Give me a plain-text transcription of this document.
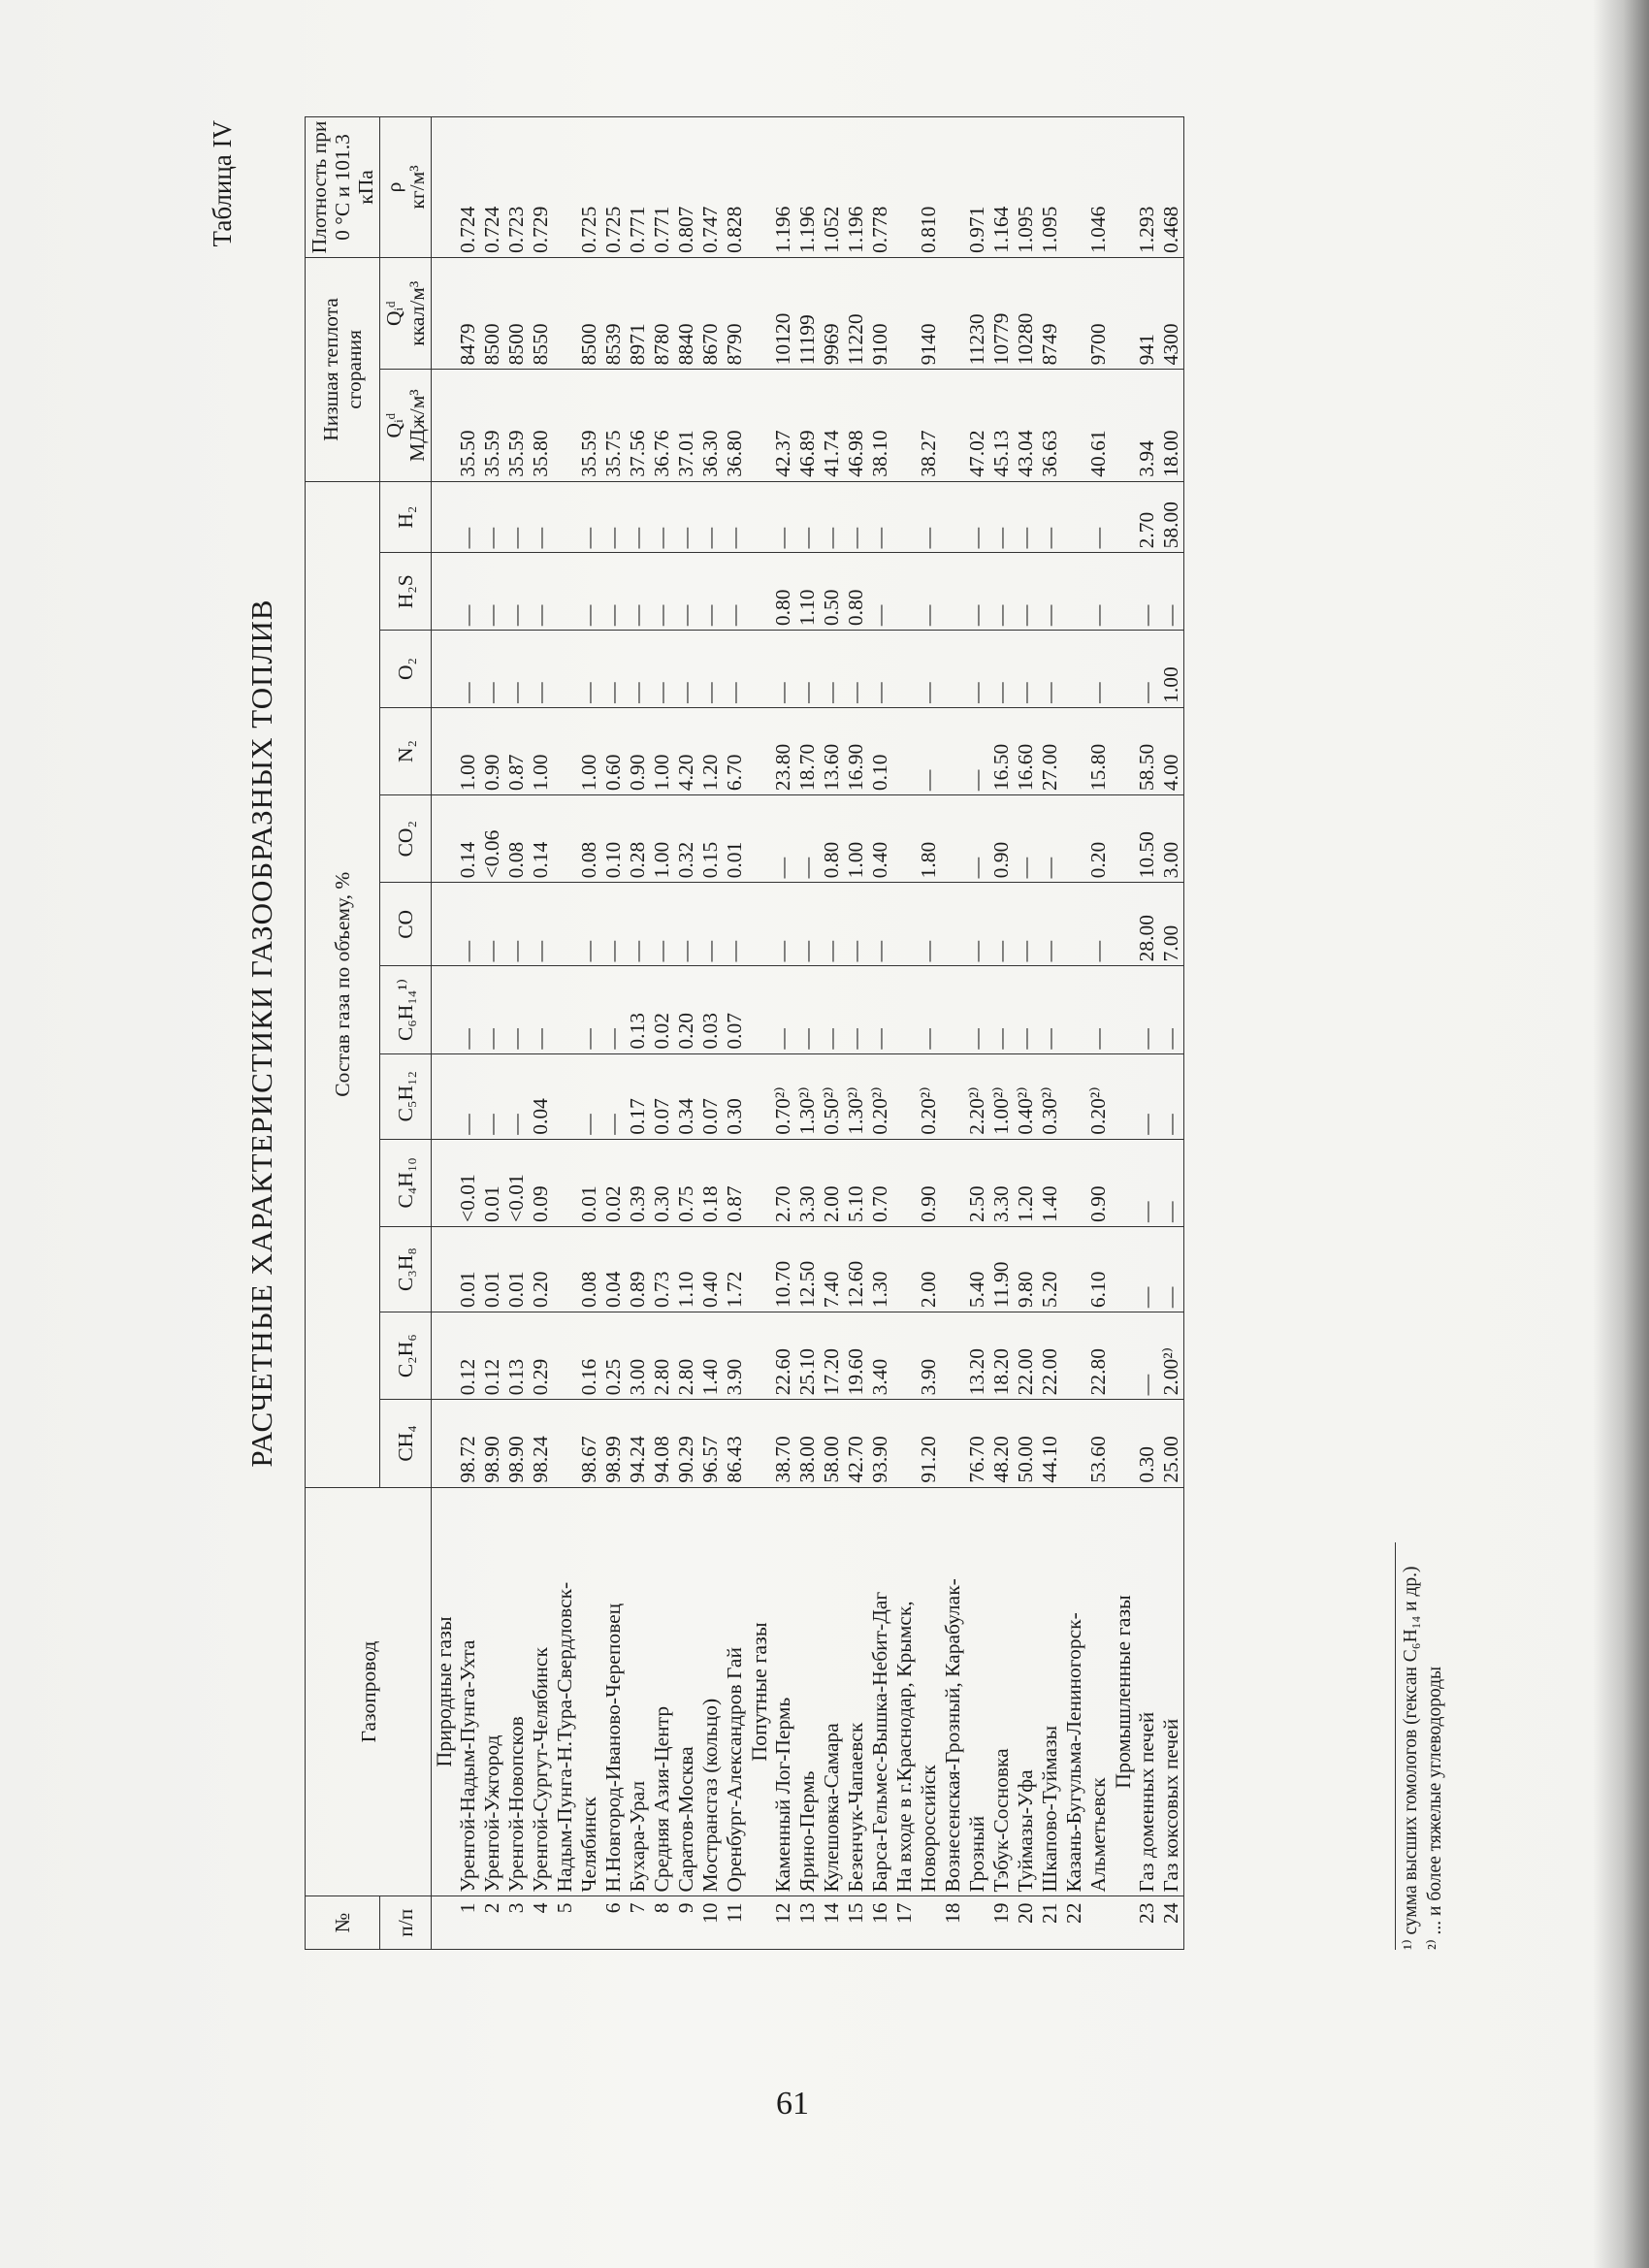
Таблица IV
РАСЧЕТНЫЕ ХАРАКТЕРИСТИКИ ГАЗООБРАЗНЫХ ТОПЛИВ
№	Газопровод	Состав газа по объему, %												Низшая теплота сгорания		Плотность при
0 °С и 101.3 кПа
п/п		CH₄	C₂H₆	C₃H₈	C₄H₁₀	C₅H₁₂	C₆H₁₄¹⁾	CO	CO₂	N₂	O₂	H₂S	H₂	Qᵢᵈ
МДж/м³	Qᵢᵈ
ккал/м³	ρ
кг/м³
	Природные газы															
1	Уренгой-Надым-Пунга-Ухта	98.72	0.12	0.01	<0.01	—	—	—	0.14	1.00	—	—	—	35.50	8479	0.724
2	Уренгой-Ужгород	98.90	0.12	0.01	0.01	—	—	—	<0.06	0.90	—	—	—	35.59	8500	0.724
3	Уренгой-Новопсков	98.90	0.13	0.01	<0.01	—	—	—	0.08	0.87	—	—	—	35.59	8500	0.723
4	Уренгой-Сургут-Челябинск	98.24	0.29	0.20	0.09	0.04	—	—	0.14	1.00	—	—	—	35.80	8550	0.729
5	Надым-Пунга-Н.Тура-Свердловск-															
	Челябинск	98.67	0.16	0.08	0.01	—	—	—	0.08	1.00	—	—	—	35.59	8500	0.725
6	Н.Новгород-Иваново-Череповец	98.99	0.25	0.04	0.02	—	—	—	0.10	0.60	—	—	—	35.75	8539	0.725
7	Бухара-Урал	94.24	3.00	0.89	0.39	0.17	0.13	—	0.28	0.90	—	—	—	37.56	8971	0.771
8	Средняя Азия-Центр	94.08	2.80	0.73	0.30	0.07	0.02	—	1.00	1.00	—	—	—	36.76	8780	0.771
9	Саратов-Москва	90.29	2.80	1.10	0.75	0.34	0.20	—	0.32	4.20	—	—	—	37.01	8840	0.807
10	Мострансгаз (кольцо)	96.57	1.40	0.40	0.18	0.07	0.03	—	0.15	1.20	—	—	—	36.30	8670	0.747
11	Оренбург-Александров Гай	86.43	3.90	1.72	0.87	0.30	0.07	—	0.01	6.70	—	—	—	36.80	8790	0.828
	Попутные газы															
12	Каменный Лог-Пермь	38.70	22.60	10.70	2.70	0.70²⁾	—	—	—	23.80	—	0.80	—	42.37	10120	1.196
13	Ярино-Пермь	38.00	25.10	12.50	3.30	1.30²⁾	—	—	—	18.70	—	1.10	—	46.89	11199	1.196
14	Кулешовка-Самара	58.00	17.20	7.40	2.00	0.50²⁾	—	—	0.80	13.60	—	0.50	—	41.74	9969	1.052
15	Безенчук-Чапаевск	42.70	19.60	12.60	5.10	1.30²⁾	—	—	1.00	16.90	—	0.80	—	46.98	11220	1.196
16	Барса-Гельмес-Вышка-Небит-Даг	93.90	3.40	1.30	0.70	0.20²⁾	—	—	0.40	0.10	—	—	—	38.10	9100	0.778
17	На входе в г.Краснодар, Крымск,															
	Новороссийск	91.20	3.90	2.00	0.90	0.20²⁾	—	—	1.80	—	—	—	—	38.27	9140	0.810
18	Вознесенская-Грозный, Карабулак-															
	Грозный	76.70	13.20	5.40	2.50	2.20²⁾	—	—	—	—	—	—	—	47.02	11230	0.971
19	Тэбук-Сосновка	48.20	18.20	11.90	3.30	1.00²⁾	—	—	0.90	16.50	—	—	—	45.13	10779	1.164
20	Туймазы-Уфа	50.00	22.00	9.80	1.20	0.40²⁾	—	—	—	16.60	—	—	—	43.04	10280	1.095
21	Шкапово-Туймазы	44.10	22.00	5.20	1.40	0.30²⁾	—	—	—	27.00	—	—	—	36.63	8749	1.095
22	Казань-Бугульма-Лениногорск-															
	Альметьевск	53.60	22.80	6.10	0.90	0.20²⁾	—	—	0.20	15.80	—	—	—	40.61	9700	1.046
	Промышленные газы															
23	Газ доменных печей	0.30	—	—	—	—	—	28.00	10.50	58.50	—	—	2.70	3.94	941	1.293
24	Газ коксовых печей	25.00	2.00²⁾	—	—	—	—	7.00	3.00	4.00	1.00	—	58.00	18.00	4300	0.468
¹⁾ сумма высших гомологов (гексан C₆H₁₄ и др.) ²⁾ ... и более тяжелые углеводороды
61
